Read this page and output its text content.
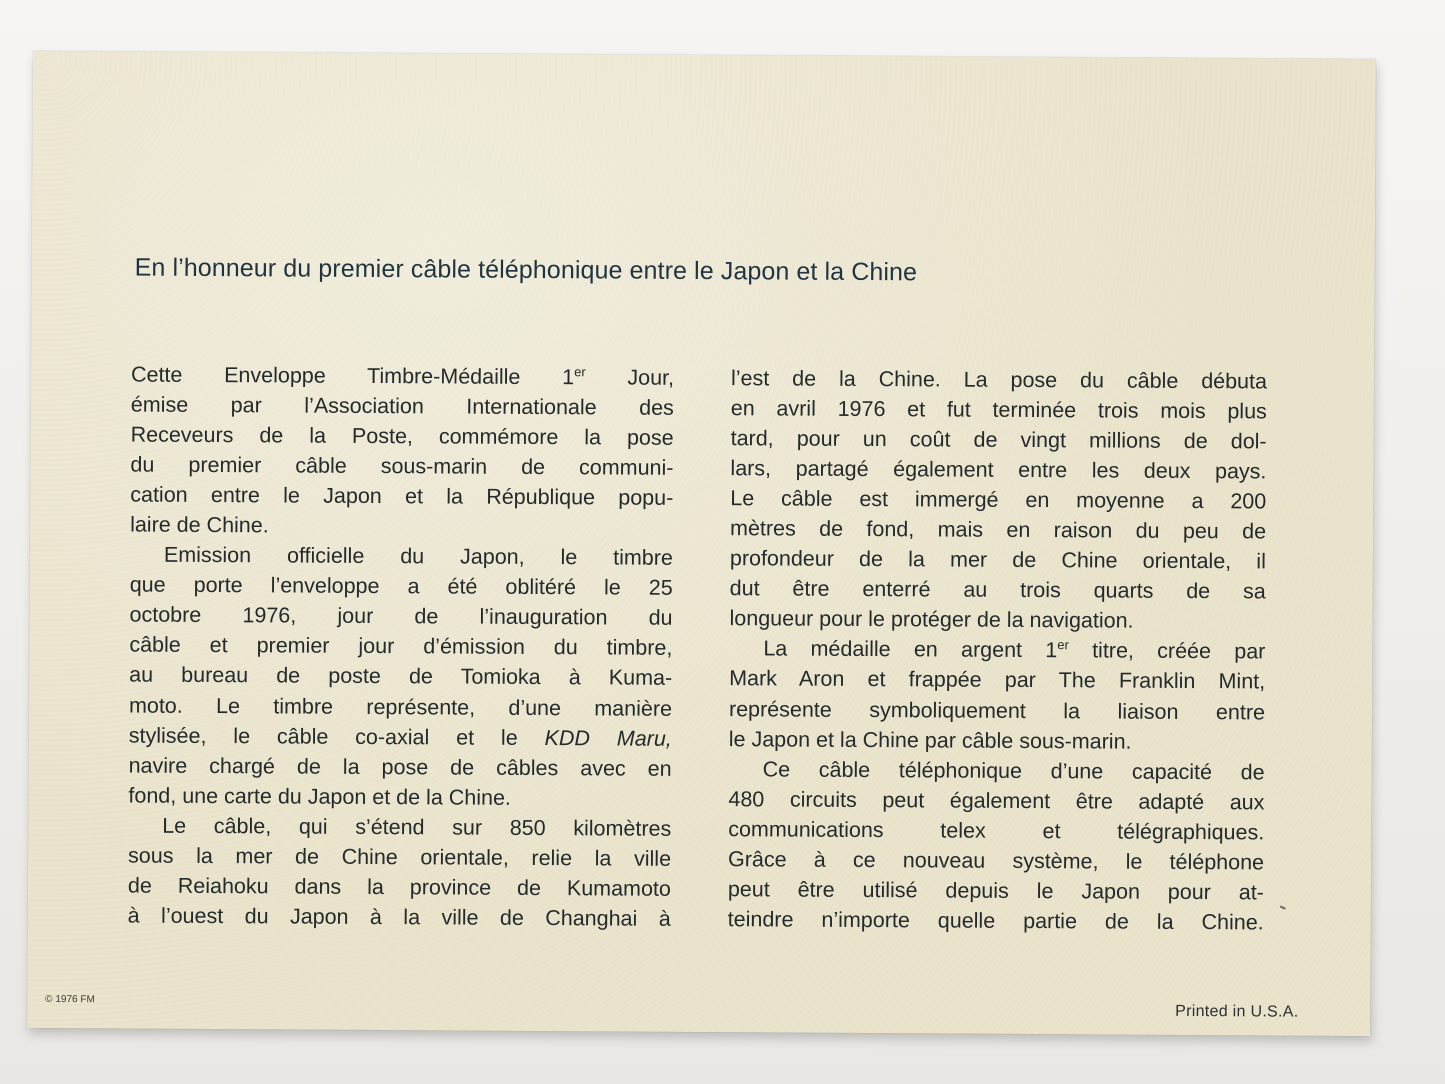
En l’honneur du premier câble téléphonique entre le Japon et la Chine
Cette Enveloppe Timbre-Médaille 1er Jour,
émise par l’Association Internationale des
Receveurs de la Poste, commémore la pose
du premier câble sous-marin de communi-
cation entre le Japon et la République popu-
laire de Chine.
Emission officielle du Japon, le timbre
que porte l’enveloppe a été oblitéré le 25
octobre 1976, jour de l’inauguration du
câble et premier jour d’émission du timbre,
au bureau de poste de Tomioka à Kuma-
moto. Le timbre représente, d’une manière
stylisée, le câble co-axial et le KDD Maru,
navire chargé de la pose de câbles avec en
fond, une carte du Japon et de la Chine.
Le câble, qui s’étend sur 850 kilomètres
sous la mer de Chine orientale, relie la ville
de Reiahoku dans la province de Kumamoto
à l’ouest du Japon à la ville de Changhai à
l’est de la Chine. La pose du câble débuta
en avril 1976 et fut terminée trois mois plus
tard, pour un coût de vingt millions de dol-
lars, partagé également entre les deux pays.
Le câble est immergé en moyenne a 200
mètres de fond, mais en raison du peu de
profondeur de la mer de Chine orientale, il
dut être enterré au trois quarts de sa
longueur pour le protéger de la navigation.
La médaille en argent 1er titre, créée par
Mark Aron et frappée par The Franklin Mint,
représente symboliquement la liaison entre
le Japon et la Chine par câble sous-marin.
Ce câble téléphonique d’une capacité de
480 circuits peut également être adapté aux
communications telex et télégraphiques.
Grâce à ce nouveau système, le téléphone
peut être utilisé depuis le Japon pour at-
teindre n’importe quelle partie de la Chine.
© 1976 FM
Printed in U.S.A.
